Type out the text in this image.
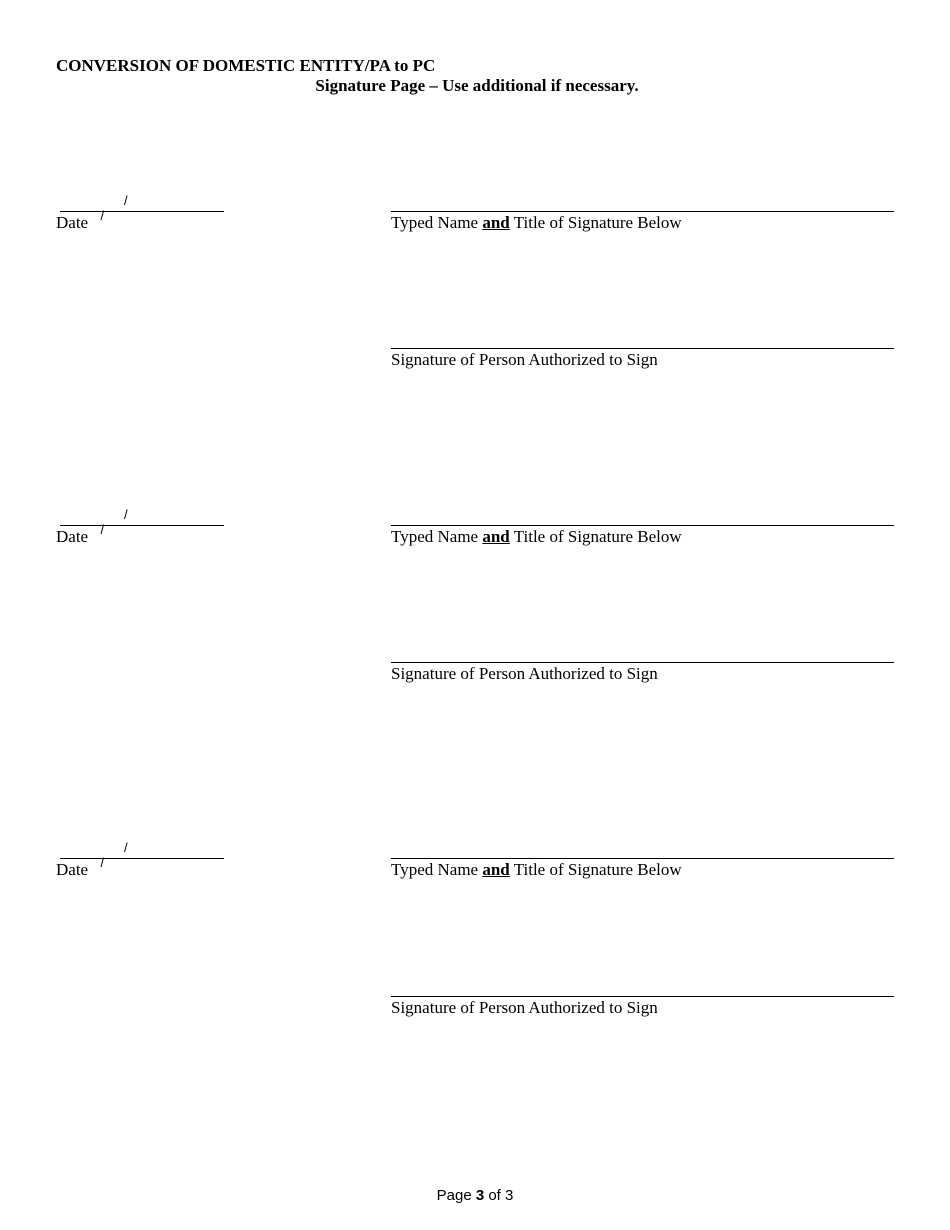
CONVERSION OF DOMESTIC ENTITY/PA to PC
Signature Page – Use additional if necessary.

/
/

Date	Typed Name and Title of Signature Below
Signature of Person Authorized to Sign

/
/

Date	Typed Name and Title of Signature Below
Signature of Person Authorized to Sign

/
/

Date	Typed Name and Title of Signature Below
Signature of Person Authorized to Sign
Page 3 of 3
